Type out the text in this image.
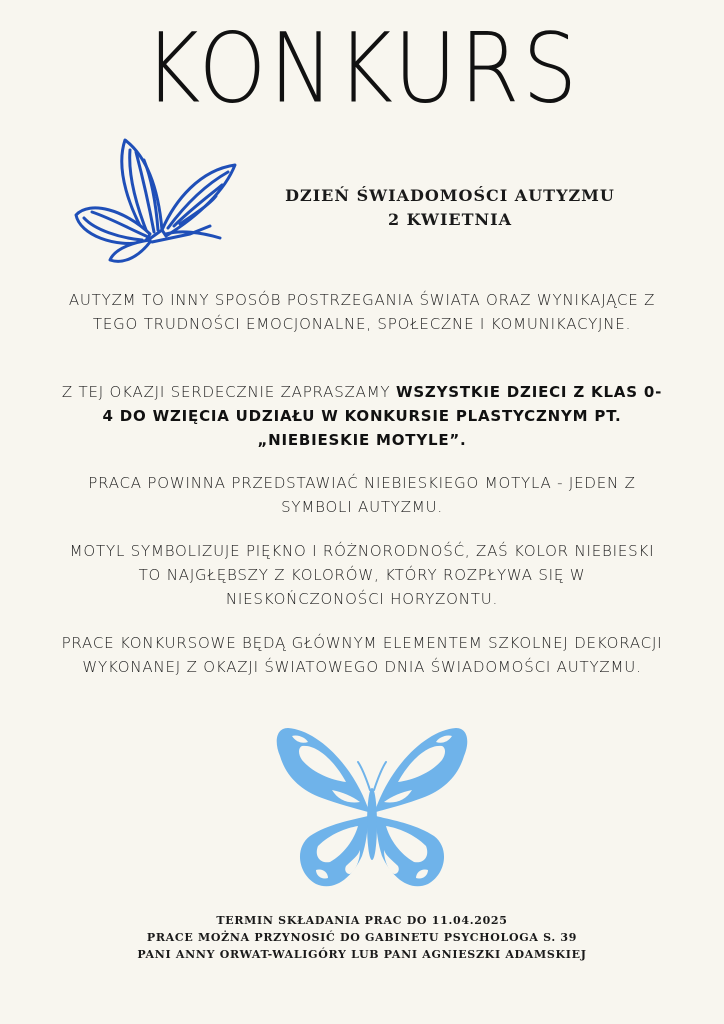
KONKURS
DZIEŃ ŚWIADOMOŚCI AUTYZMU
2 KWIETNIA
AUTYZM TO INNY SPOSÓB POSTRZEGANIA ŚWIATA ORAZ WYNIKAJĄCE Z TEGO TRUDNOŚCI EMOCJONALNE, SPOŁECZNE I KOMUNIKACYJNE.
Z TEJ OKAZJI SERDECZNIE ZAPRASZAMY WSZYSTKIE DZIECI Z KLAS 0-4 DO WZIĘCIA UDZIAŁU W KONKURSIE PLASTYCZNYM PT. „NIEBIESKIE MOTYLE”.
PRACA POWINNA PRZEDSTAWIAĆ NIEBIESKIEGO MOTYLA - JEDEN Z SYMBOLI AUTYZMU.
MOTYL SYMBOLIZUJE PIĘKNO I RÓŻNORODNOŚĆ, ZAŚ KOLOR NIEBIESKI TO NAJGŁĘBSZY Z KOLORÓW, KTÓRY ROZPŁYWA SIĘ W NIESKOŃCZONOŚCI HORYZONTU.
PRACE KONKURSOWE BĘDĄ GŁÓWNYM ELEMENTEM SZKOLNEJ DEKORACJI WYKONANEJ Z OKAZJI ŚWIATOWEGO DNIA ŚWIADOMOŚCI AUTYZMU.
TERMIN SKŁADANIA PRAC DO 11.04.2025
PRACE MOŻNA PRZYNOSIĆ DO GABINETU PSYCHOLOGA S. 39
PANI ANNY ORWAT-WALIGÓRY LUB PANI AGNIESZKI ADAMSKIEJ
